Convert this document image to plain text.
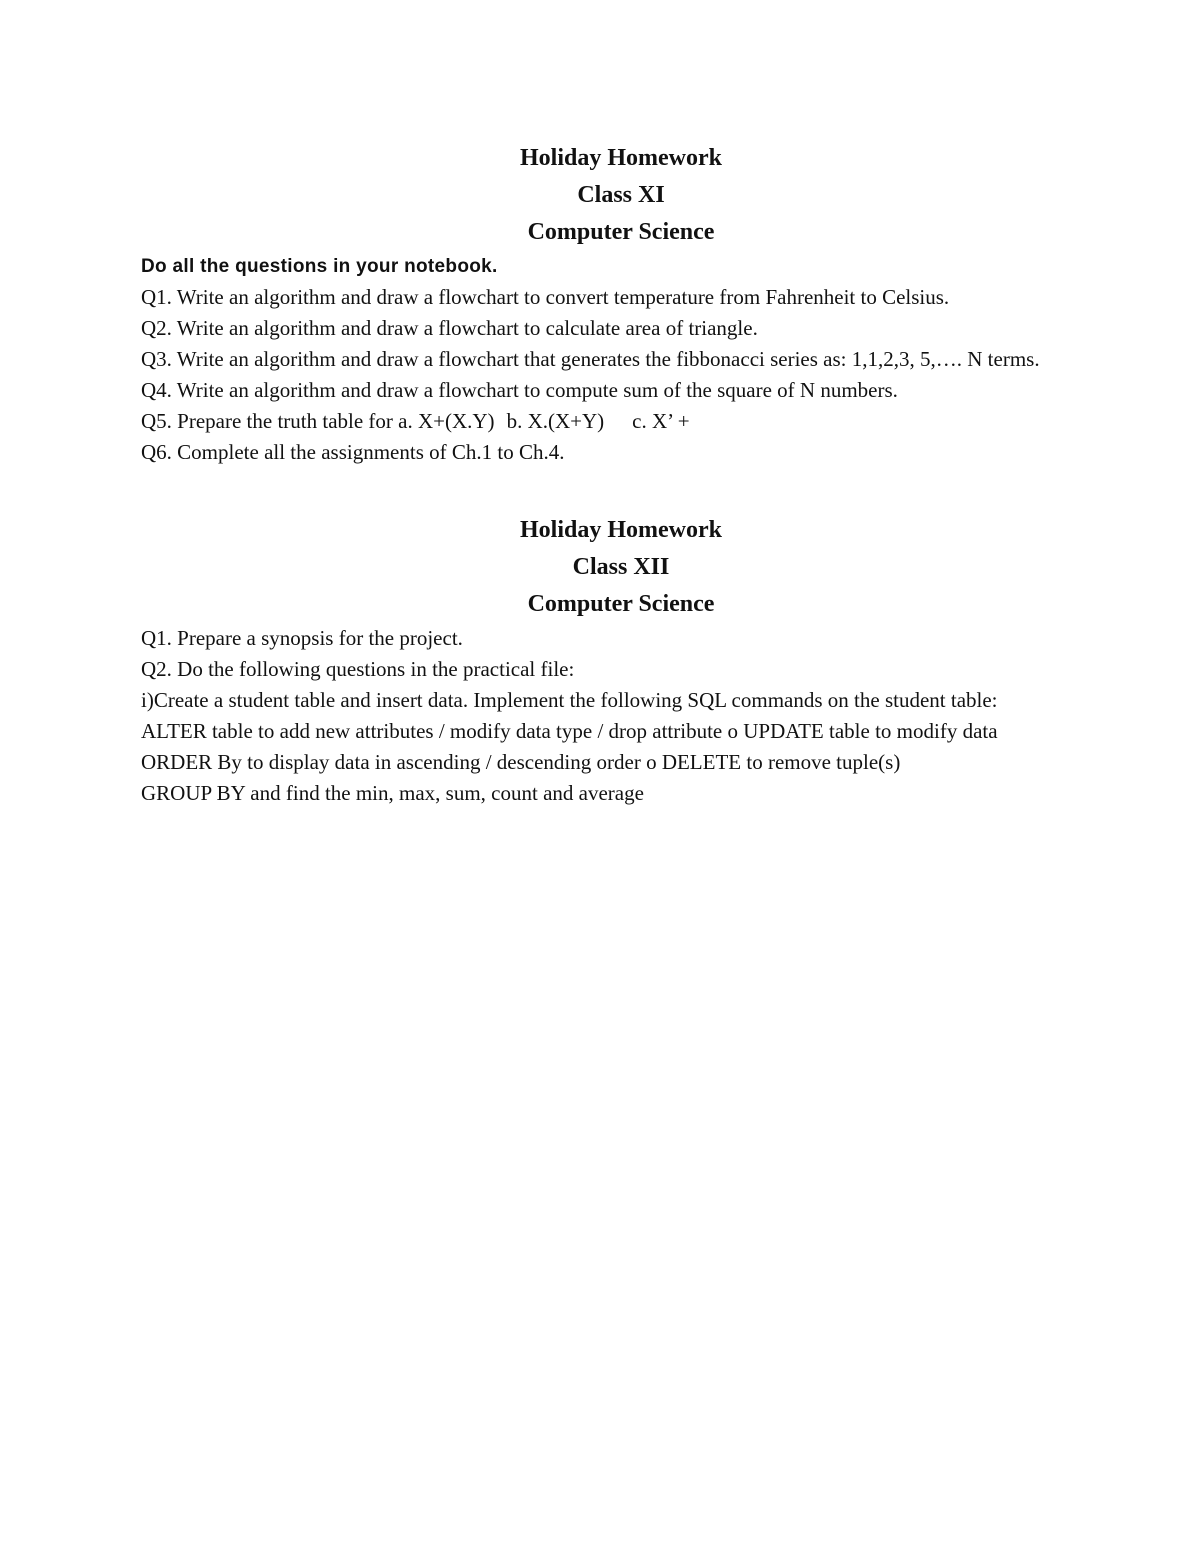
Holiday Homework

Class XI

Computer Science

Do all the questions in your notebook.

Q1. Write an algorithm and draw a flowchart to convert temperature from Fahrenheit to Celsius.

Q2. Write an algorithm and draw a flowchart to calculate area of triangle.

Q3. Write an algorithm and draw a flowchart that generates the fibbonacci series as: 1,1,2,3, 5,…. N terms.

Q4. Write an algorithm and draw a flowchart to compute sum of the square of N numbers.

Q5. Prepare the truth table for a. X+(X.Y) b. X.(X+Y) c. X’ +

Q6. Complete all the assignments of Ch.1 to Ch.4.

Holiday Homework

Class XII

Computer Science

Q1. Prepare a synopsis for the project.

Q2. Do the following questions in the practical file:

i)Create a student table and insert data. Implement the following SQL commands on the student table:

ALTER table to add new attributes / modify data type / drop attribute o UPDATE table to modify data

ORDER By to display data in ascending / descending order o DELETE to remove tuple(s)

GROUP BY and find the min, max, sum, count and average
